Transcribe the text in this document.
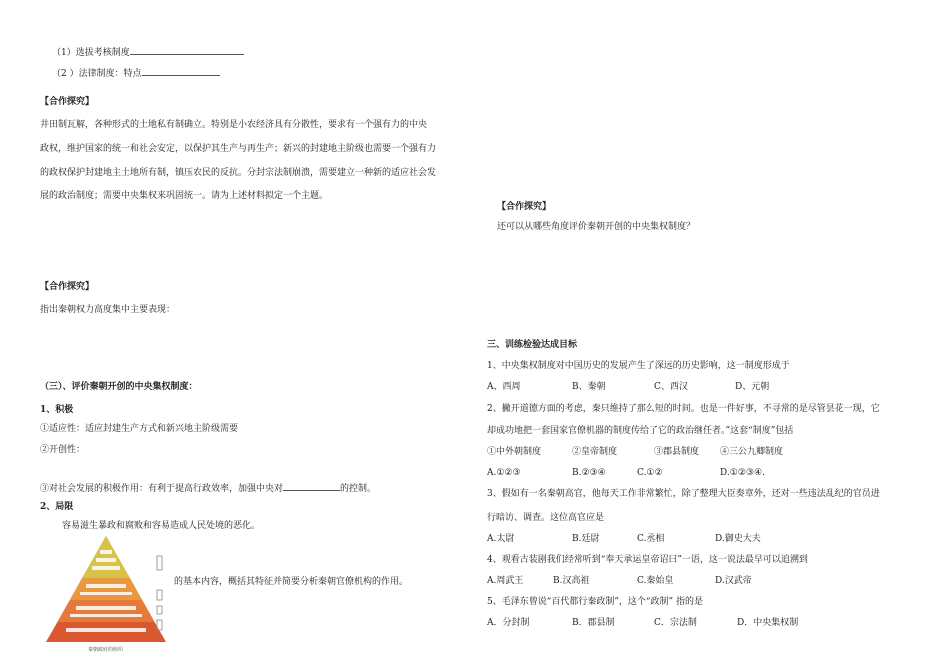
（1）选拔考核制度
（2 ）法律制度：特点
【合作探究】
井田制瓦解，各种形式的土地私有制确立。特别是小农经济具有分散性，要求有一个强有力的中央
政权，维护国家的统一和社会安定，以保护其生产与再生产；新兴的封建地主阶级也需要一个强有力
的政权保护封建地主土地所有制，镇压农民的反抗。分封宗法制崩溃，需要建立一种新的适应社会发
展的政治制度；需要中央集权来巩固统一。请为上述材料拟定一个主题。
【合作探究】
指出秦朝权力高度集中主要表现：
（三）、评价秦朝开创的中央集权制度：
1、积极
①适应性：适应封建生产方式和新兴地主阶级需要
②开创性：
③对社会发展的积极作用：有利于提高行政效率，加强中央对	的控制。
2、局限
容易滋生暴政和腐败和容易造成人民处境的恶化。
秦朝政府的组织
的基本内容，概括其特征并简要分析秦朝官僚机构的作用。
【合作探究】
还可以从哪些角度评价秦朝开创的中央集权制度？
三、训练检验达成目标
1、中央集权制度对中国历史的发展产生了深远的历史影响，这一制度形成于
A、西周	B、秦朝	C、西汉	D、元朝
2、撇开道德方面的考虑，秦只维持了那么短的时间。也是一件好事，不寻常的是尽管昙花一现，它
却成功地把一套国家官僚机器的制度传给了它的政治继任者。”这套“制度”包括
①中外朝制度	②皇帝制度	③郡县制度 ④三公九卿制度
A.①②③	B.②③④	C.①②	D.①②③④.
3、假如有一名秦朝高官，他每天工作非常繁忙，除了整理大臣奏章外，还对一些违法乱纪的官员进
行暗访、调查。这位高官应是
A.太尉	B.廷尉	C.丞相	D.御史大夫
4、观看古装剧我们经常听到“奉天承运皇帝诏曰”一语，这一说法最早可以追溯到
A.周武王	B.汉高祖	C.秦始皇	D.汉武帝
5、毛泽东曾说“百代都行秦政制”，这个“政制” 指的是
A．分封制	B．郡县制	C．宗法制	D．中央集权制
